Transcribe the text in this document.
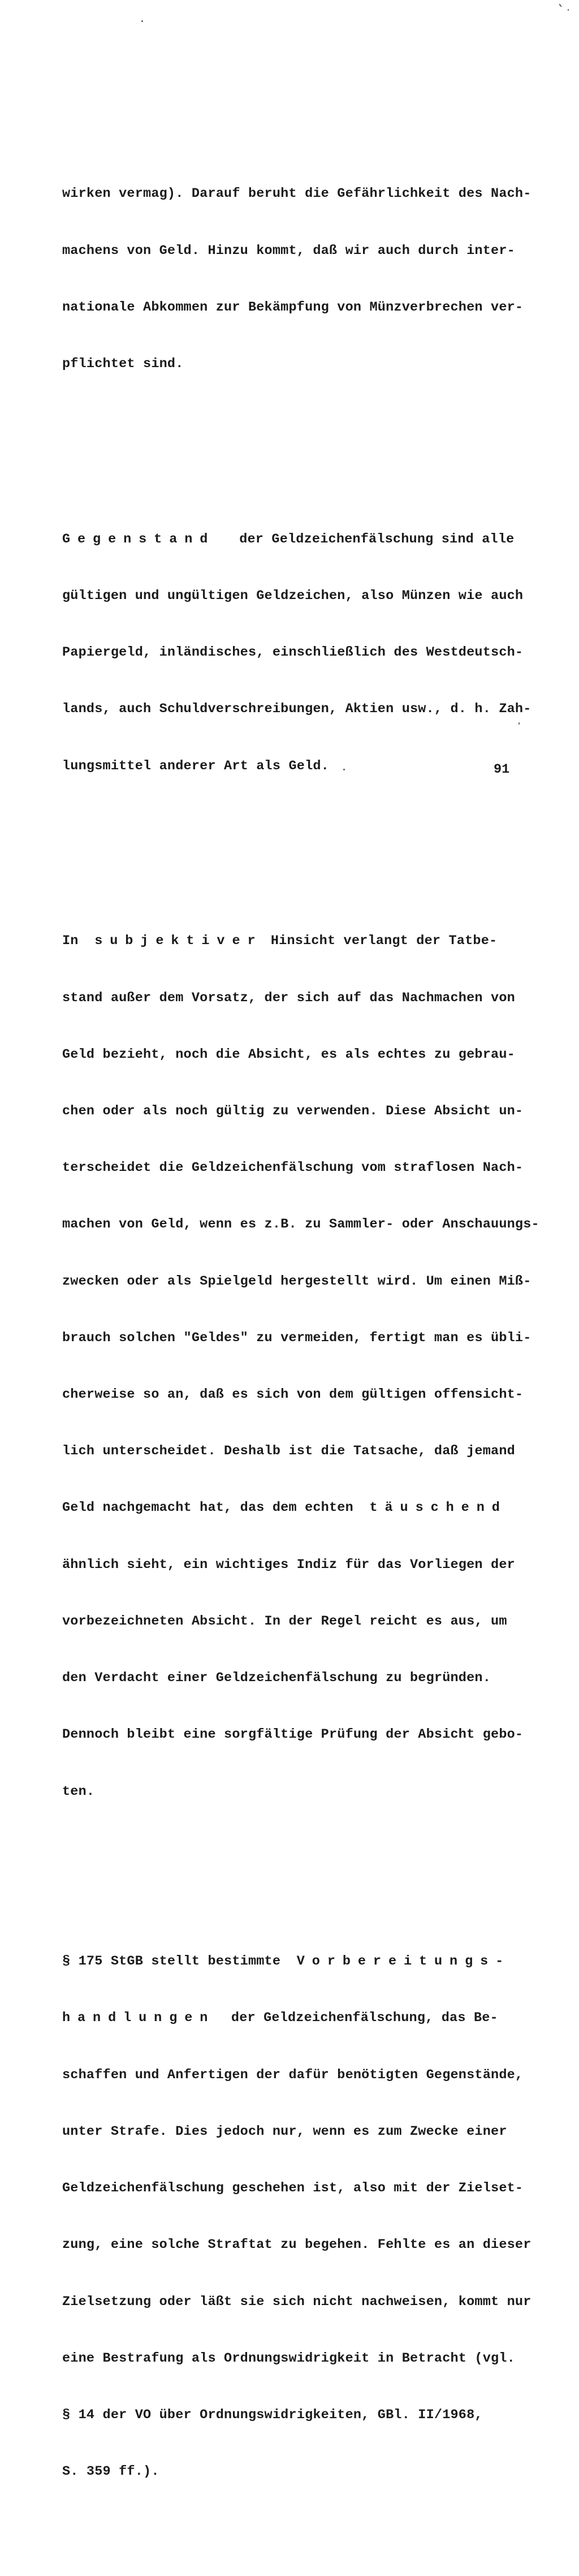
wirken vermag). Darauf beruht die Gefährlichkeit des Nach-

machens von Geld. Hinzu kommt, daß wir auch durch inter-

nationale Abkommen zur Bekämpfung von Münzverbrechen ver-

pflichtet sind.

Gegenstand   der Geldzeichenfälschung sind alle

gültigen und ungültigen Geldzeichen, also Münzen wie auch

Papiergeld, inländisches, einschließlich des Westdeutsch-

lands, auch Schuldverschreibungen, Aktien usw., d. h. Zah-

lungsmittel anderer Art als Geld.

In  subjektiver Hinsicht verlangt der Tatbe-

stand außer dem Vorsatz, der sich auf das Nachmachen von

Geld bezieht, noch die Absicht, es als echtes zu gebrau-

chen oder als noch gültig zu verwenden. Diese Absicht un-

terscheidet die Geldzeichenfälschung vom straflosen Nach-

machen von Geld, wenn es z.B. zu Sammler- oder Anschauungs-

zwecken oder als Spielgeld hergestellt wird. Um einen Miß-

brauch solchen "Geldes" zu vermeiden, fertigt man es übli-

cherweise so an, daß es sich von dem gültigen offensicht-

lich unterscheidet. Deshalb ist die Tatsache, daß jemand

Geld nachgemacht hat, das dem echten  täuschend

ähnlich sieht, ein wichtiges Indiz für das Vorliegen der

vorbezeichneten Absicht. In der Regel reicht es aus, um

den Verdacht einer Geldzeichenfälschung zu begründen.

Dennoch bleibt eine sorgfältige Prüfung der Absicht gebo-

ten.

§ 175 StGB stellt bestimmte  Vorbereitungs-

handlungen  der Geldzeichenfälschung, das Be-

schaffen und Anfertigen der dafür benötigten Gegenstände,

unter Strafe. Dies jedoch nur, wenn es zum Zwecke einer

Geldzeichenfälschung geschehen ist, also mit der Zielset-

zung, eine solche Straftat zu begehen. Fehlte es an dieser

Zielsetzung oder läßt sie sich nicht nachweisen, kommt nur

eine Bestrafung als Ordnungswidrigkeit in Betracht (vgl.

§ 14 der VO über Ordnungswidrigkeiten, GBl. II/1968,

S. 359 ff.).

91
